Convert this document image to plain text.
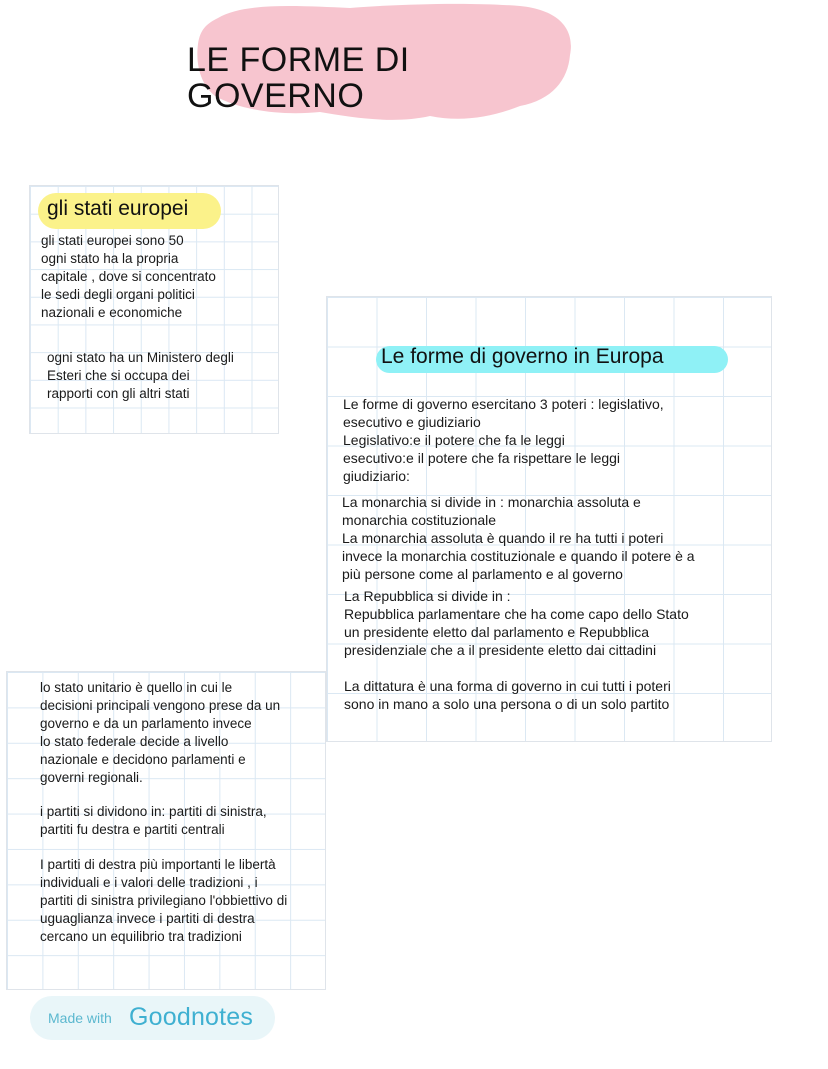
LE FORME DI
GOVERNO
gli stati europei
gli stati europei sono 50
ogni stato ha la propria
capitale , dove si concentrato
le sedi degli organi politici
nazionali e economiche
ogni stato ha un Ministero degli
Esteri che si occupa dei
rapporti con gli altri stati
Le forme di governo in Europa
Le forme di governo esercitano 3 poteri : legislativo,
esecutivo e giudiziario
Legislativo:e il potere che fa le leggi
esecutivo:e il potere che fa rispettare le leggi
giudiziario:
La monarchia si divide in : monarchia assoluta e
monarchia costituzionale
La monarchia assoluta è quando il re ha tutti i poteri
invece la monarchia costituzionale e quando il potere è a
più persone come al parlamento e al governo
La Repubblica si divide in :
Repubblica parlamentare che ha come capo dello Stato
un presidente eletto dal parlamento e Repubblica
presidenziale che a il presidente eletto dai cittadini
La dittatura è una forma di governo in cui tutti i poteri
sono in mano a solo una persona o di un solo partito
lo stato unitario è quello in cui le
decisioni principali vengono prese da un
governo e da un parlamento invece
lo stato federale decide a livello
nazionale e decidono parlamenti e
governi regionali.
i partiti si dividono in: partiti di sinistra,
partiti fu destra e partiti centrali
I partiti di destra più importanti le libertà
individuali e i valori delle tradizioni , i
partiti di sinistra privilegiano l'obbiettivo di
uguaglianza invece i partiti di destra
cercano un equilibrio tra tradizioni
Made with Goodnotes
